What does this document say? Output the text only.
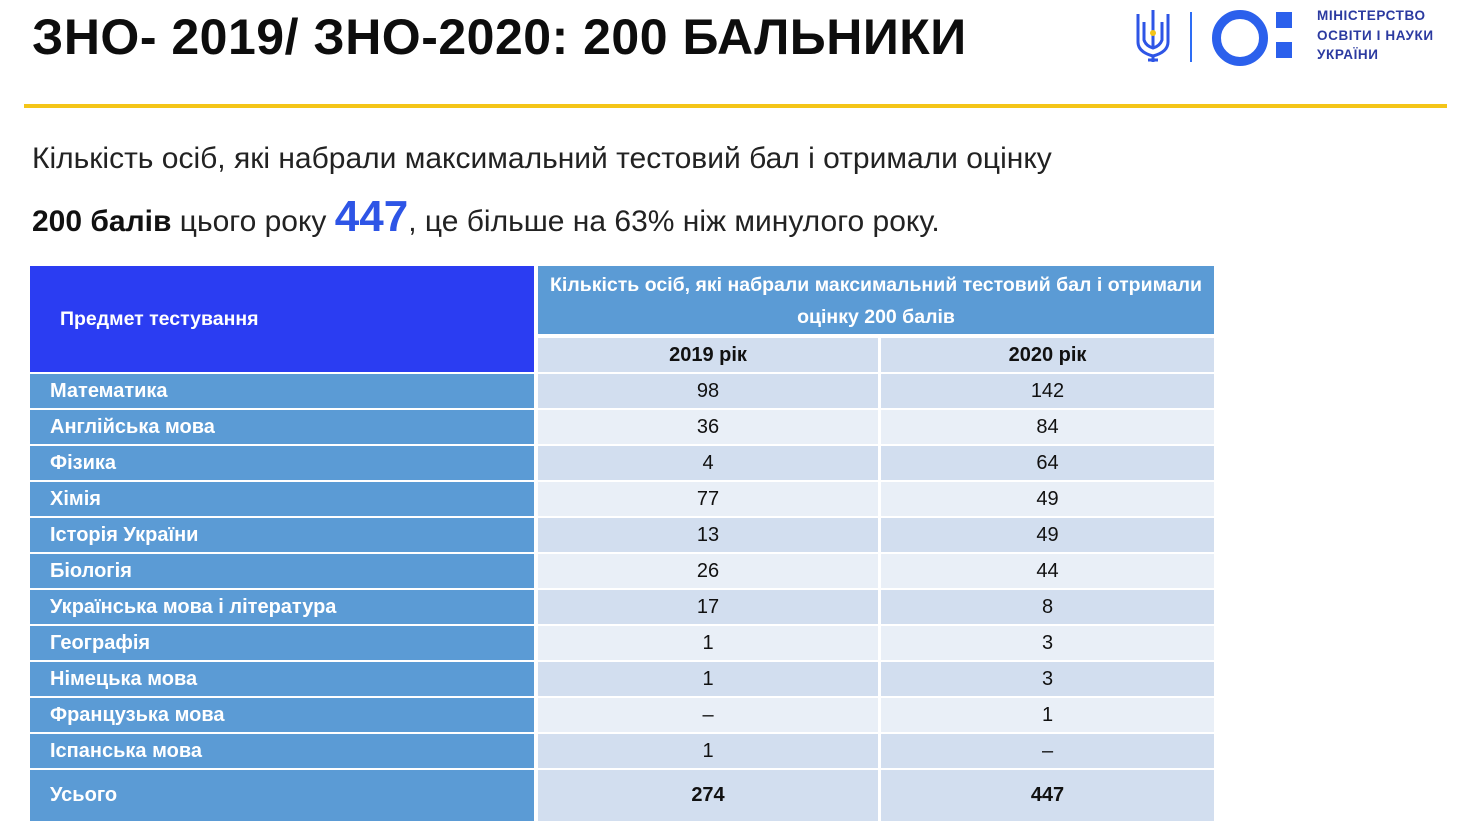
ЗНО- 2019/ ЗНО-2020: 200 БАЛЬНИКИ	МІНІСТЕРСТВО
ОСВІТИ І НАУКИ
УКРАЇНИ
Кількість осіб, які набрали максимальний тестовий бал і отримали оцінку
200 балів цього року 447, це більше на 63% ніж минулого року.
Предмет тестування
Кількість осіб, які набрали максимальний тестовий бал і отримали оцінку 200 балів
2019 рік	2020 рік
Математика	98	142
Англійська мова	36	84
Фізика	4	64
Хімія	77	49
Історія України	13	49
Біологія	26	44
Українська мова і література	17	8
Географія	1	3
Німецька мова	1	3
Французька мова	–	1
Іспанська мова	1	–
Усього	274	447
